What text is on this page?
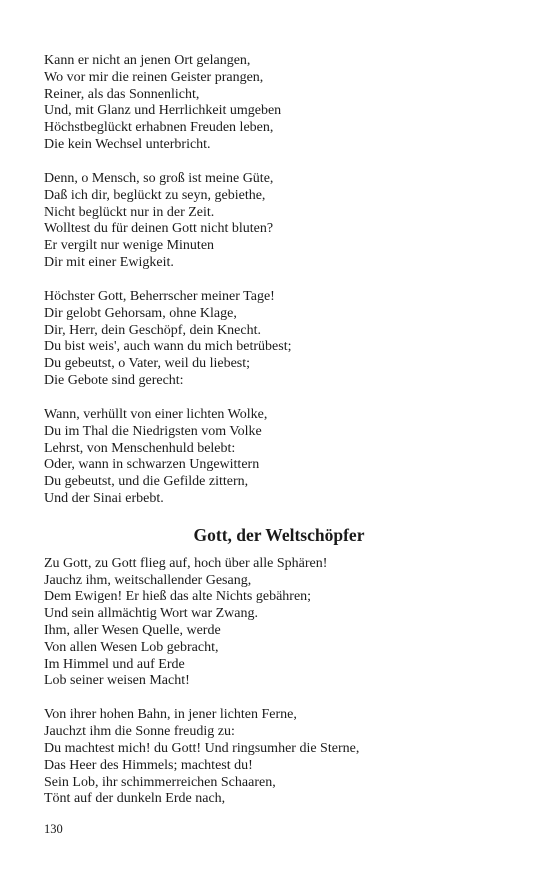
Kann er nicht an jenen Ort gelangen,
Wo vor mir die reinen Geister prangen,
Reiner, als das Sonnenlicht,
Und, mit Glanz und Herrlichkeit umgeben
Höchstbeglückt erhabnen Freuden leben,
Die kein Wechsel unterbricht.
Denn, o Mensch, so groß ist meine Güte,
Daß ich dir, beglückt zu seyn, gebiethe,
Nicht beglückt nur in der Zeit.
Wolltest du für deinen Gott nicht bluten?
Er vergilt nur wenige Minuten
Dir mit einer Ewigkeit.
Höchster Gott, Beherrscher meiner Tage!
Dir gelobt Gehorsam, ohne Klage,
Dir, Herr, dein Geschöpf, dein Knecht.
Du bist weis', auch wann du mich betrübest;
Du gebeutst, o Vater, weil du liebest;
Die Gebote sind gerecht:
Wann, verhüllt von einer lichten Wolke,
Du im Thal die Niedrigsten vom Volke
Lehrst, von Menschenhuld belebt:
Oder, wann in schwarzen Ungewittern
Du gebeutst, und die Gefilde zittern,
Und der Sinai erbebt.
Gott, der Weltschöpfer
Zu Gott, zu Gott flieg auf, hoch über alle Sphären!
Jauchz ihm, weitschallender Gesang,
Dem Ewigen! Er hieß das alte Nichts gebähren;
Und sein allmächtig Wort war Zwang.
Ihm, aller Wesen Quelle, werde
Von allen Wesen Lob gebracht,
Im Himmel und auf Erde
Lob seiner weisen Macht!
Von ihrer hohen Bahn, in jener lichten Ferne,
Jauchzt ihm die Sonne freudig zu:
Du machtest mich! du Gott! Und ringsumher die Sterne,
Das Heer des Himmels; machtest du!
Sein Lob, ihr schimmerreichen Schaaren,
Tönt auf der dunkeln Erde nach,
130
